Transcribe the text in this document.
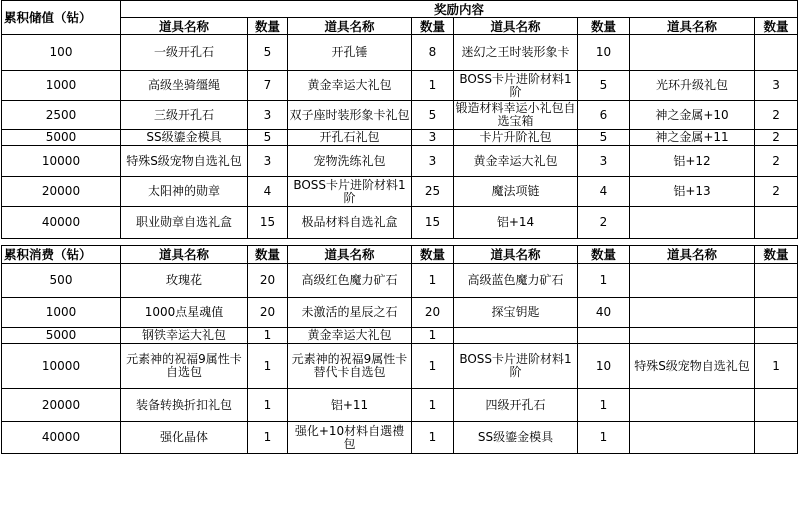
累积储值（钻）	奖励内容							
	道具名称	数量	道具名称	数量	道具名称	数量	道具名称	数量
100	一级开孔石	5	开孔锤	8	迷幻之王时装形象卡	10		
1000	高级坐骑缰绳	7	黄金幸运大礼包	1	BOSS卡片进阶材料1阶	5	光环升级礼包	3
2500	三级开孔石	3	双子座时装形象卡礼包	5	锻造材料幸运小礼包自选宝箱	6	神之金属+10	2
5000	SS级鎏金模具	5	开孔石礼包	3	卡片升阶礼包	5	神之金属+11	2
10000	特殊S级宠物自选礼包	3	宠物洗练礼包	3	黄金幸运大礼包	3	铝+12	2
20000	太阳神的勋章	4	BOSS卡片进阶材料1阶	25	魔法项链	4	铝+13	2
40000	职业勋章自选礼盒	15	极品材料自选礼盒	15	铝+14	2		

累积消费（钻）	道具名称	数量	道具名称	数量	道具名称	数量	道具名称	数量
500	玫瑰花	20	高级红色魔力矿石	1	高级蓝色魔力矿石	1		
1000	1000点星魂值	20	未激活的星辰之石	20	探宝钥匙	40		
5000	钢铁幸运大礼包	1	黄金幸运大礼包	1				
10000	元素神的祝福9属性卡自选包	1	元素神的祝福9属性卡替代卡自选包	1	BOSS卡片进阶材料1阶	10	特殊S级宠物自选礼包	1
20000	装备转换折扣礼包	1	铝+11	1	四级开孔石	1		
40000	强化晶体	1	强化+10材料自選禮包	1	SS级鎏金模具	1		
